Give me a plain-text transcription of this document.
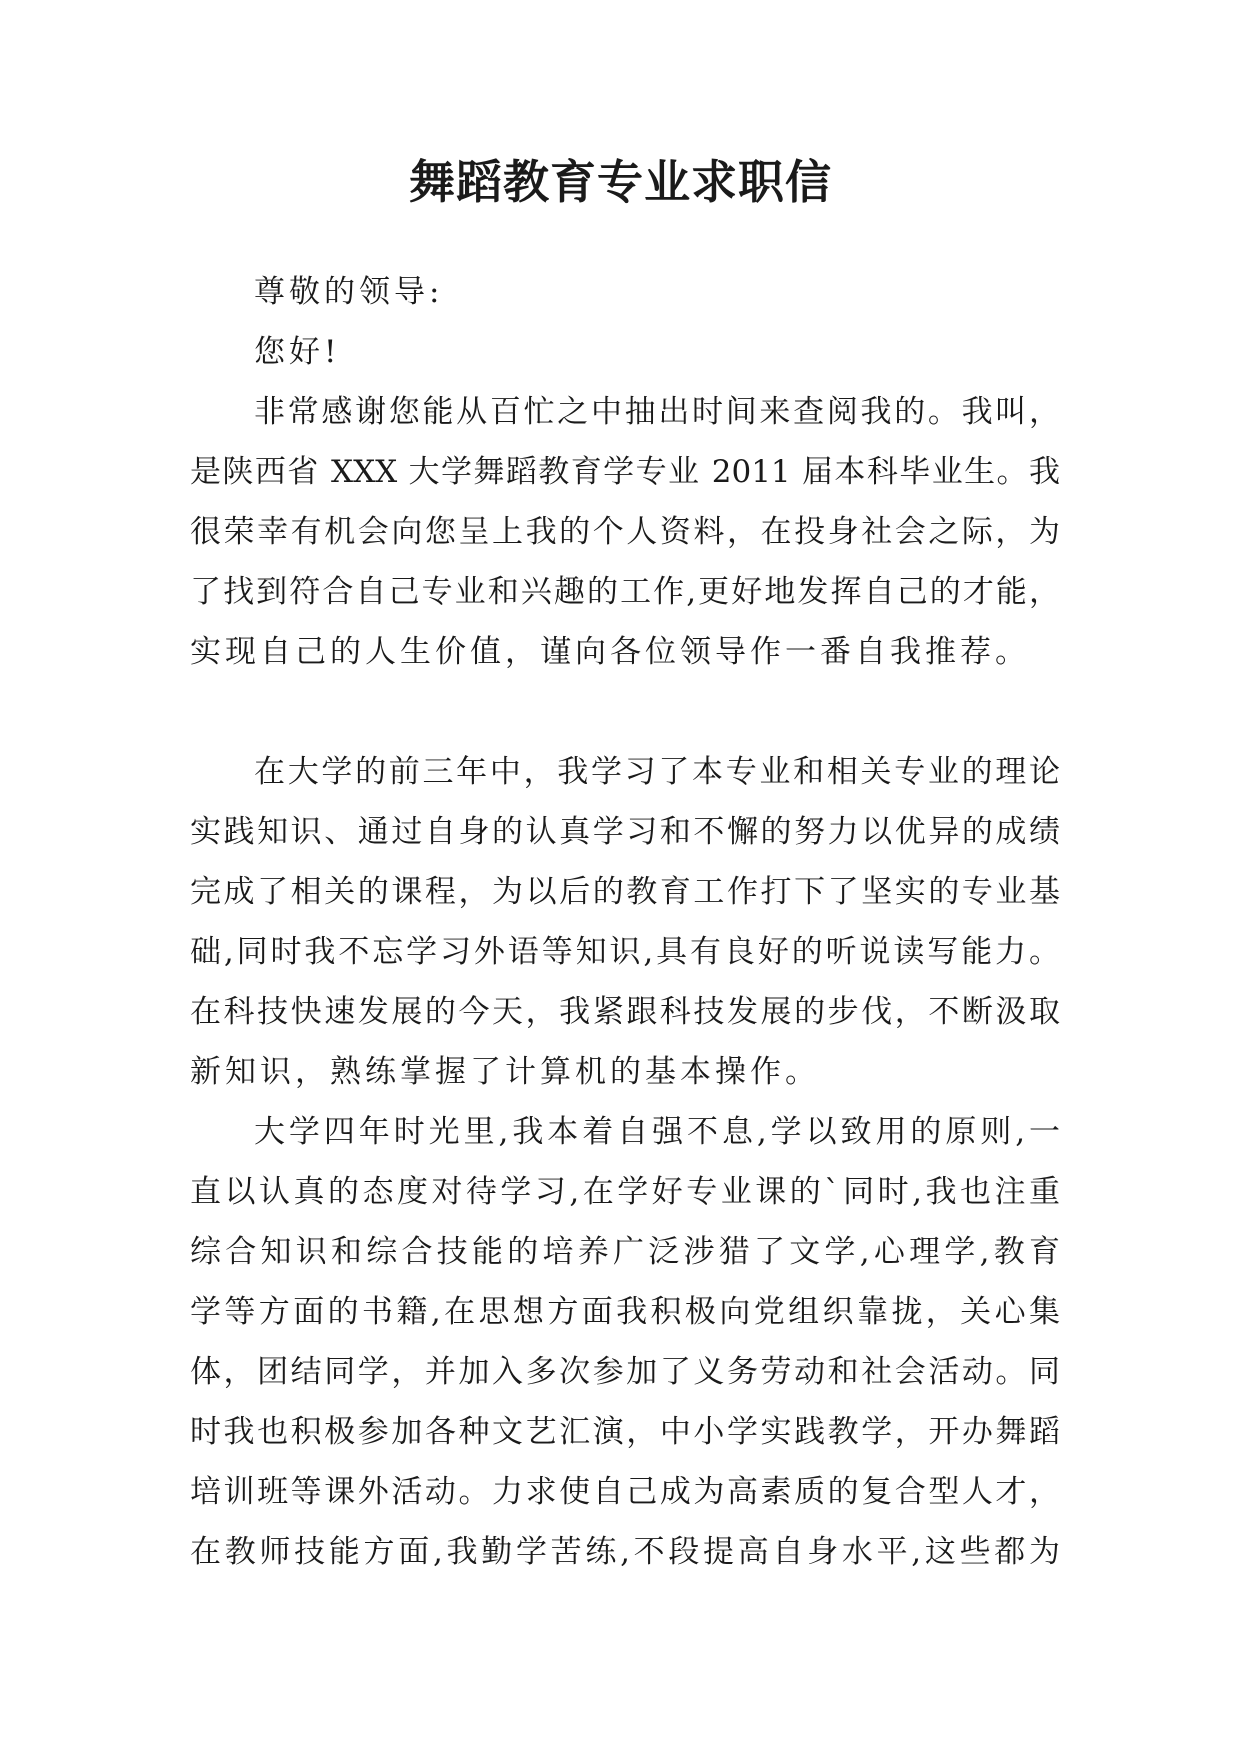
舞蹈教育专业求职信
尊敬的领导:
您好!
非常感谢您能从百忙之中抽出时间来查阅我的。我叫，
是陕西省 XXX 大学舞蹈教育学专业 2011 届本科毕业生。我
很荣幸有机会向您呈上我的个人资料，在投身社会之际，为
了找到符合自己专业和兴趣的工作,更好地发挥自己的才能，
实现自己的人生价值，谨向各位领导作一番自我推荐。
在大学的前三年中，我学习了本专业和相关专业的理论
实践知识、通过自身的认真学习和不懈的努力以优异的成绩
完成了相关的课程，为以后的教育工作打下了坚实的专业基
础,同时我不忘学习外语等知识,具有良好的听说读写能力。
在科技快速发展的今天，我紧跟科技发展的步伐，不断汲取
新知识，熟练掌握了计算机的基本操作。
大学四年时光里,我本着自强不息,学以致用的原则,一
直以认真的态度对待学习,在学好专业课的`同时,我也注重
综合知识和综合技能的培养广泛涉猎了文学,心理学,教育
学等方面的书籍,在思想方面我积极向党组织靠拢，关心集
体，团结同学，并加入多次参加了义务劳动和社会活动。同
时我也积极参加各种文艺汇演，中小学实践教学，开办舞蹈
培训班等课外活动。力求使自己成为高素质的复合型人才，
在教师技能方面,我勤学苦练,不段提高自身水平,这些都为
